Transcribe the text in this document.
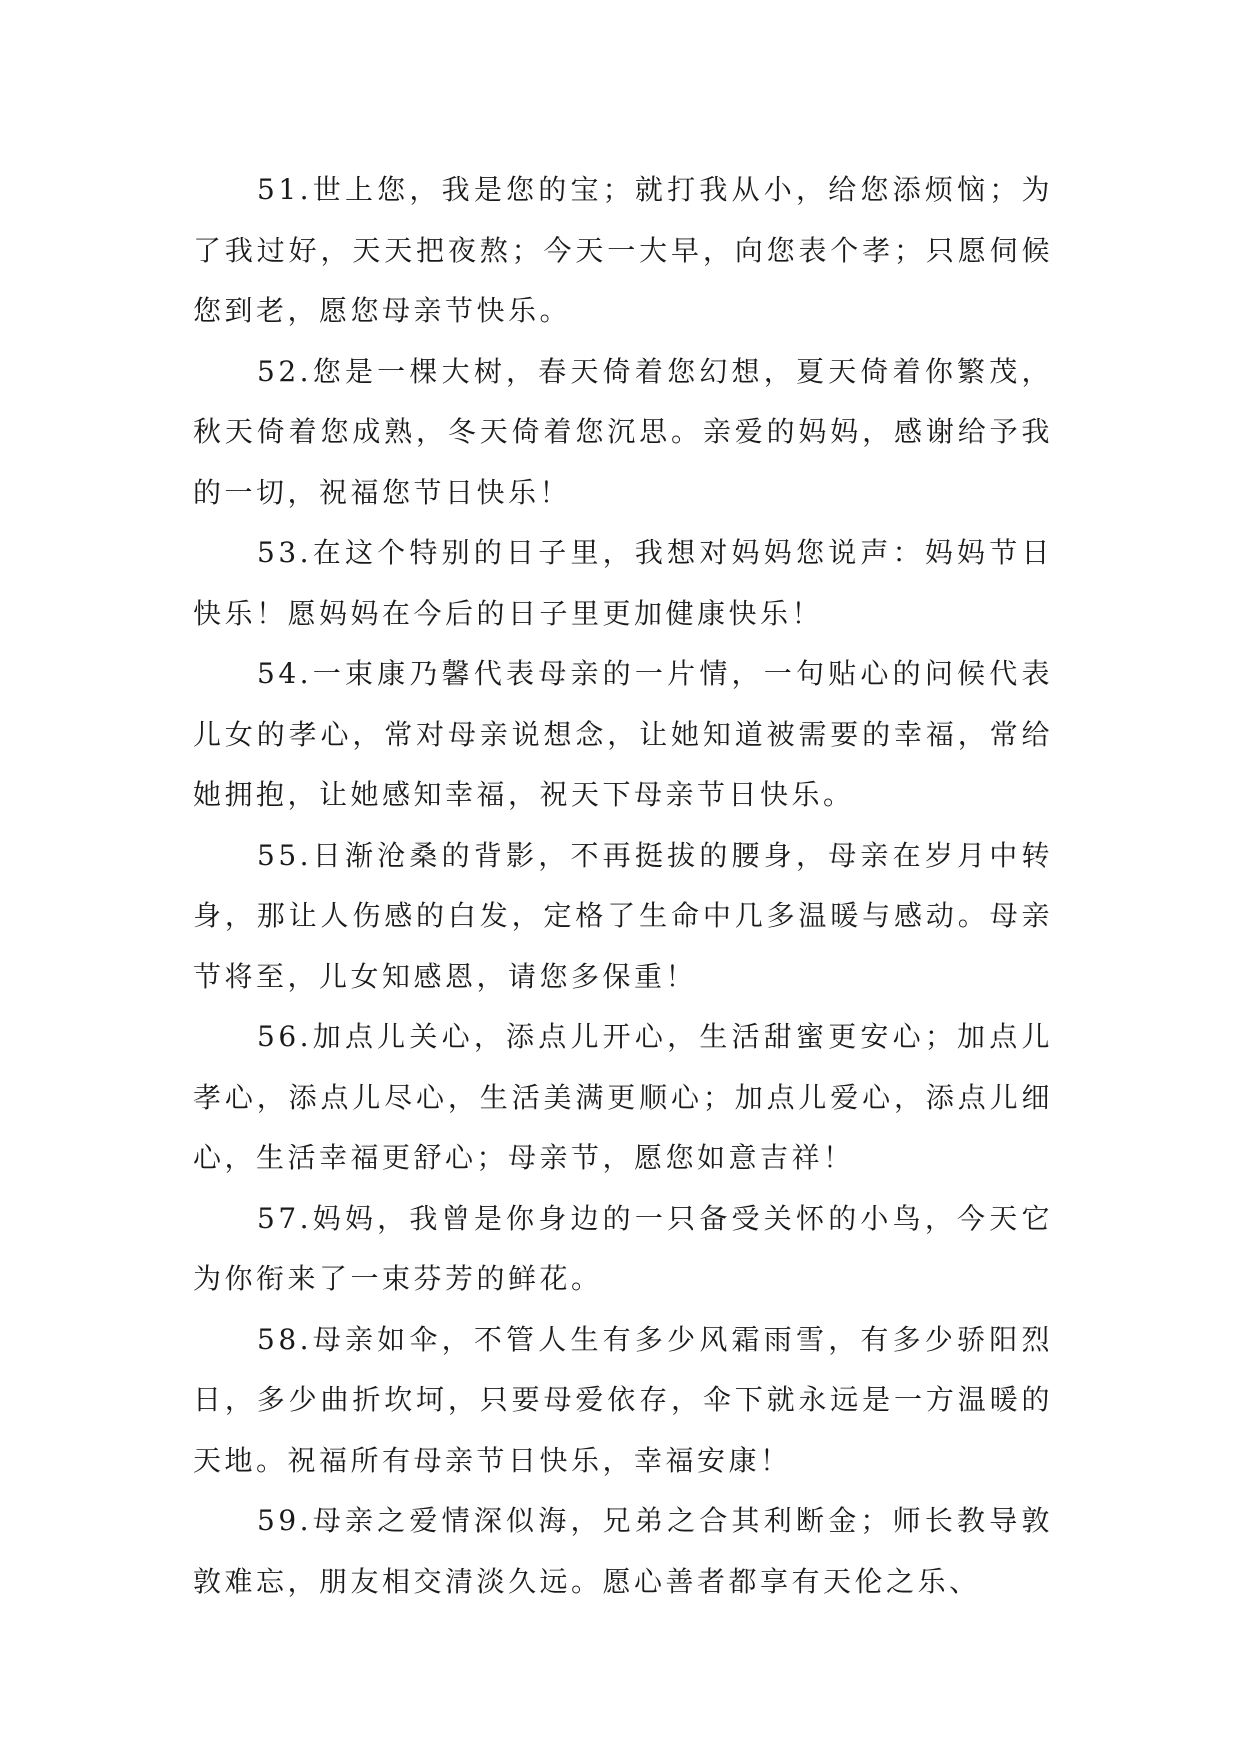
51.世上您，我是您的宝；就打我从小，给您添烦恼；为了我过好，天天把夜熬；今天一大早，向您表个孝；只愿伺候您到老，愿您母亲节快乐。

52.您是一棵大树，春天倚着您幻想，夏天倚着你繁茂，秋天倚着您成熟，冬天倚着您沉思。亲爱的妈妈，感谢给予我的一切，祝福您节日快乐！

53.在这个特别的日子里，我想对妈妈您说声：妈妈节日快乐！愿妈妈在今后的日子里更加健康快乐！

54.一束康乃馨代表母亲的一片情，一句贴心的问候代表儿女的孝心，常对母亲说想念，让她知道被需要的幸福，常给她拥抱，让她感知幸福，祝天下母亲节日快乐。

55.日渐沧桑的背影，不再挺拔的腰身，母亲在岁月中转身，那让人伤感的白发，定格了生命中几多温暖与感动。母亲节将至，儿女知感恩，请您多保重！

56.加点儿关心，添点儿开心，生活甜蜜更安心；加点儿孝心，添点儿尽心，生活美满更顺心；加点儿爱心，添点儿细心，生活幸福更舒心；母亲节，愿您如意吉祥！

57.妈妈，我曾是你身边的一只备受关怀的小鸟，今天它为你衔来了一束芬芳的鲜花。

58.母亲如伞，不管人生有多少风霜雨雪，有多少骄阳烈日，多少曲折坎坷，只要母爱依存，伞下就永远是一方温暖的天地。祝福所有母亲节日快乐，幸福安康！

59.母亲之爱情深似海，兄弟之合其利断金；师长教导敦敦难忘，朋友相交清淡久远。愿心善者都享有天伦之乐、
